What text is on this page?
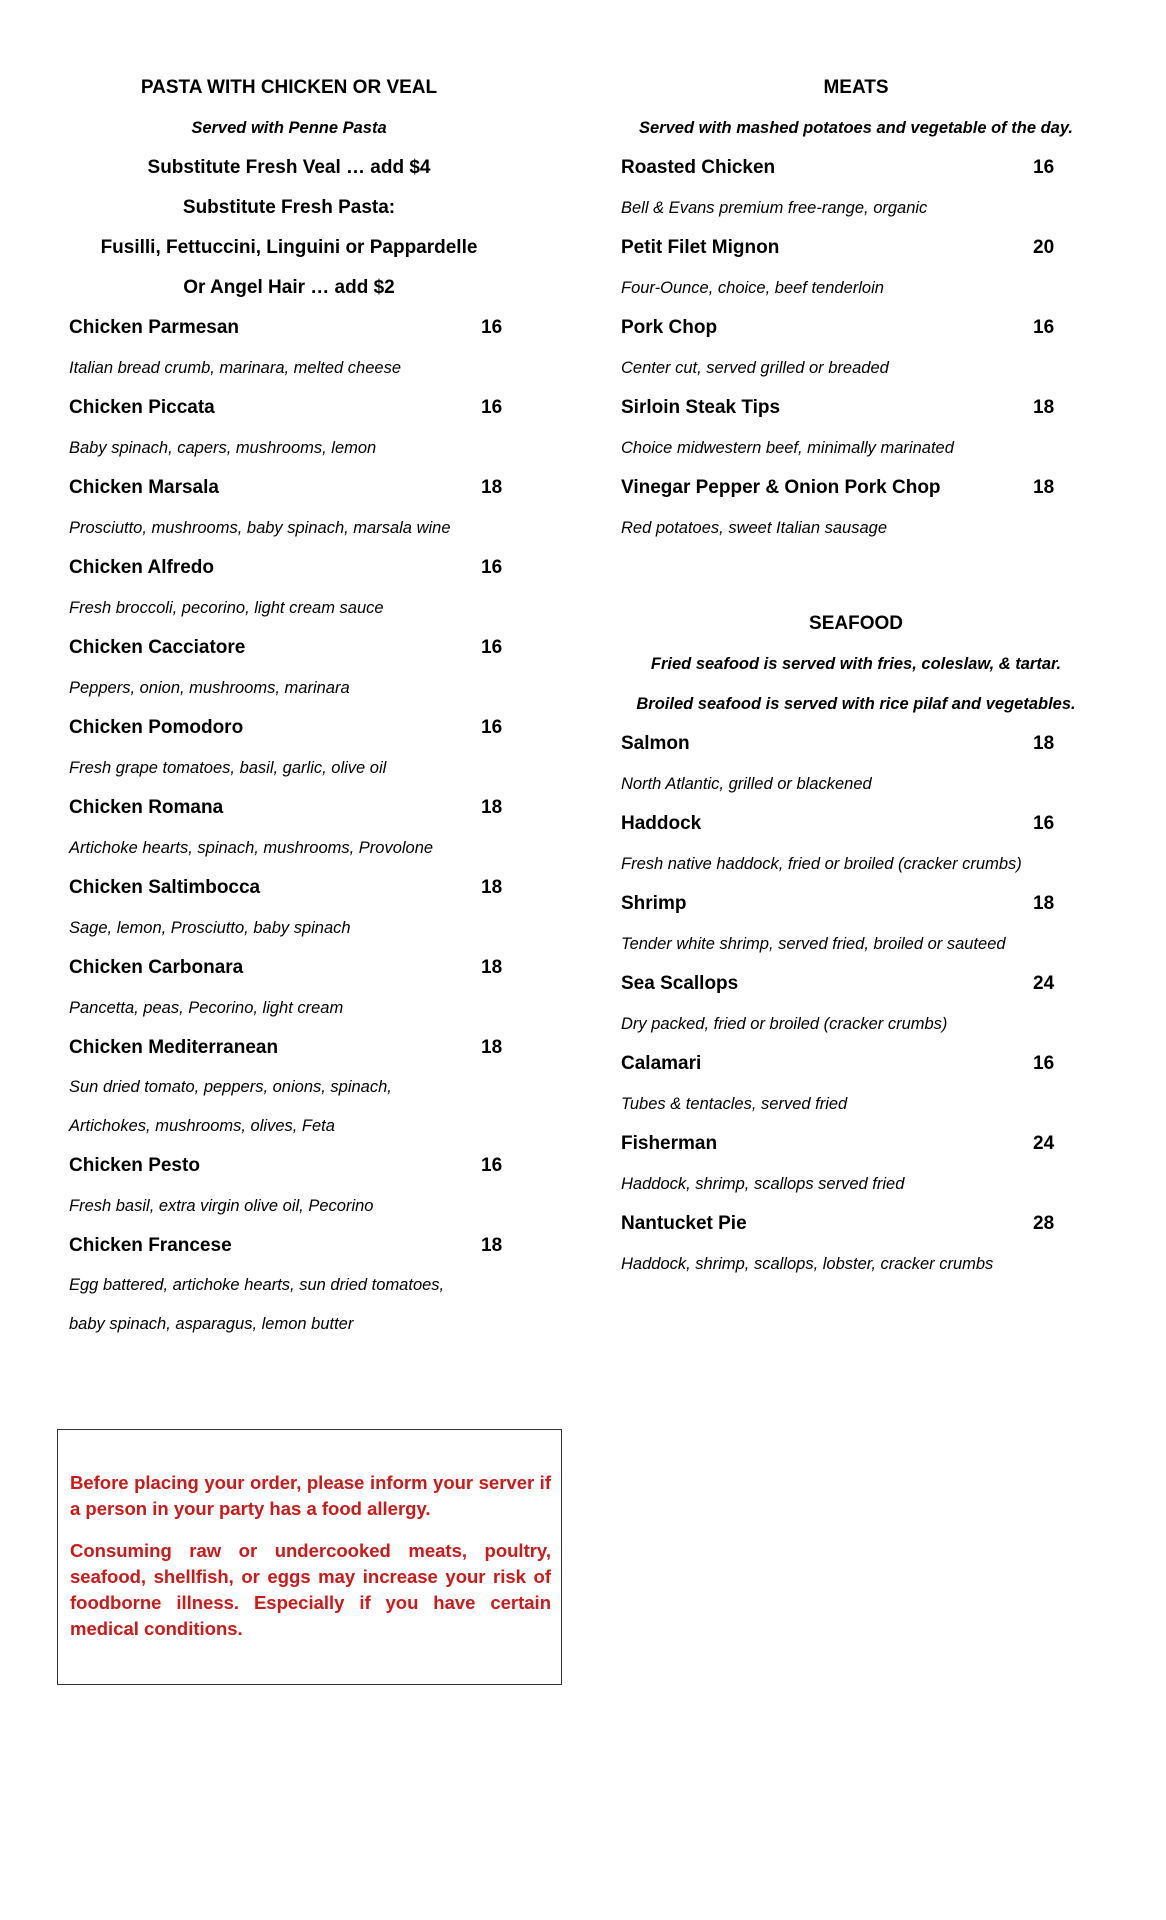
PASTA WITH CHICKEN OR VEAL
Served with Penne Pasta
Substitute Fresh Veal … add $4
Substitute Fresh Pasta:
Fusilli, Fettuccini, Linguini or Pappardelle
Or Angel Hair … add $2
Chicken Parmesan	16
Italian bread crumb, marinara, melted cheese
Chicken Piccata	16
Baby spinach, capers, mushrooms, lemon
Chicken Marsala	18
Prosciutto, mushrooms, baby spinach, marsala wine
Chicken Alfredo	16
Fresh broccoli, pecorino, light cream sauce
Chicken Cacciatore	16
Peppers, onion, mushrooms, marinara
Chicken Pomodoro	16
Fresh grape tomatoes, basil, garlic, olive oil
Chicken Romana	18
Artichoke hearts, spinach, mushrooms, Provolone
Chicken Saltimbocca	18
Sage, lemon, Prosciutto, baby spinach
Chicken Carbonara	18
Pancetta, peas, Pecorino, light cream
Chicken Mediterranean	18
Sun dried tomato, peppers, onions, spinach,
Artichokes, mushrooms, olives, Feta
Chicken Pesto	16
Fresh basil, extra virgin olive oil, Pecorino
Chicken Francese	18
Egg battered, artichoke hearts, sun dried tomatoes,
baby spinach, asparagus, lemon butter
MEATS
Served with mashed potatoes and vegetable of the day.
Roasted Chicken	16
Bell & Evans premium free-range, organic
Petit Filet Mignon	20
Four-Ounce, choice, beef tenderloin
Pork Chop	16
Center cut, served grilled or breaded
Sirloin Steak Tips	18
Choice midwestern beef, minimally marinated
Vinegar Pepper & Onion Pork Chop	18
Red potatoes, sweet Italian sausage
SEAFOOD
Fried seafood is served with fries, coleslaw, & tartar.
Broiled seafood is served with rice pilaf and vegetables.
Salmon	18
North Atlantic, grilled or blackened
Haddock	16
Fresh native haddock, fried or broiled (cracker crumbs)
Shrimp	18
Tender white shrimp, served fried, broiled or sauteed
Sea Scallops	24
Dry packed, fried or broiled (cracker crumbs)
Calamari	16
Tubes & tentacles, served fried
Fisherman	24
Haddock, shrimp, scallops served fried
Nantucket Pie	28
Haddock, shrimp, scallops, lobster, cracker crumbs

Before placing your order, please inform your server if a person in your party has a food allergy.

Consuming raw or undercooked meats, poultry, seafood, shellfish, or eggs may increase your risk of foodborne illness. Especially if you have certain medical conditions.
